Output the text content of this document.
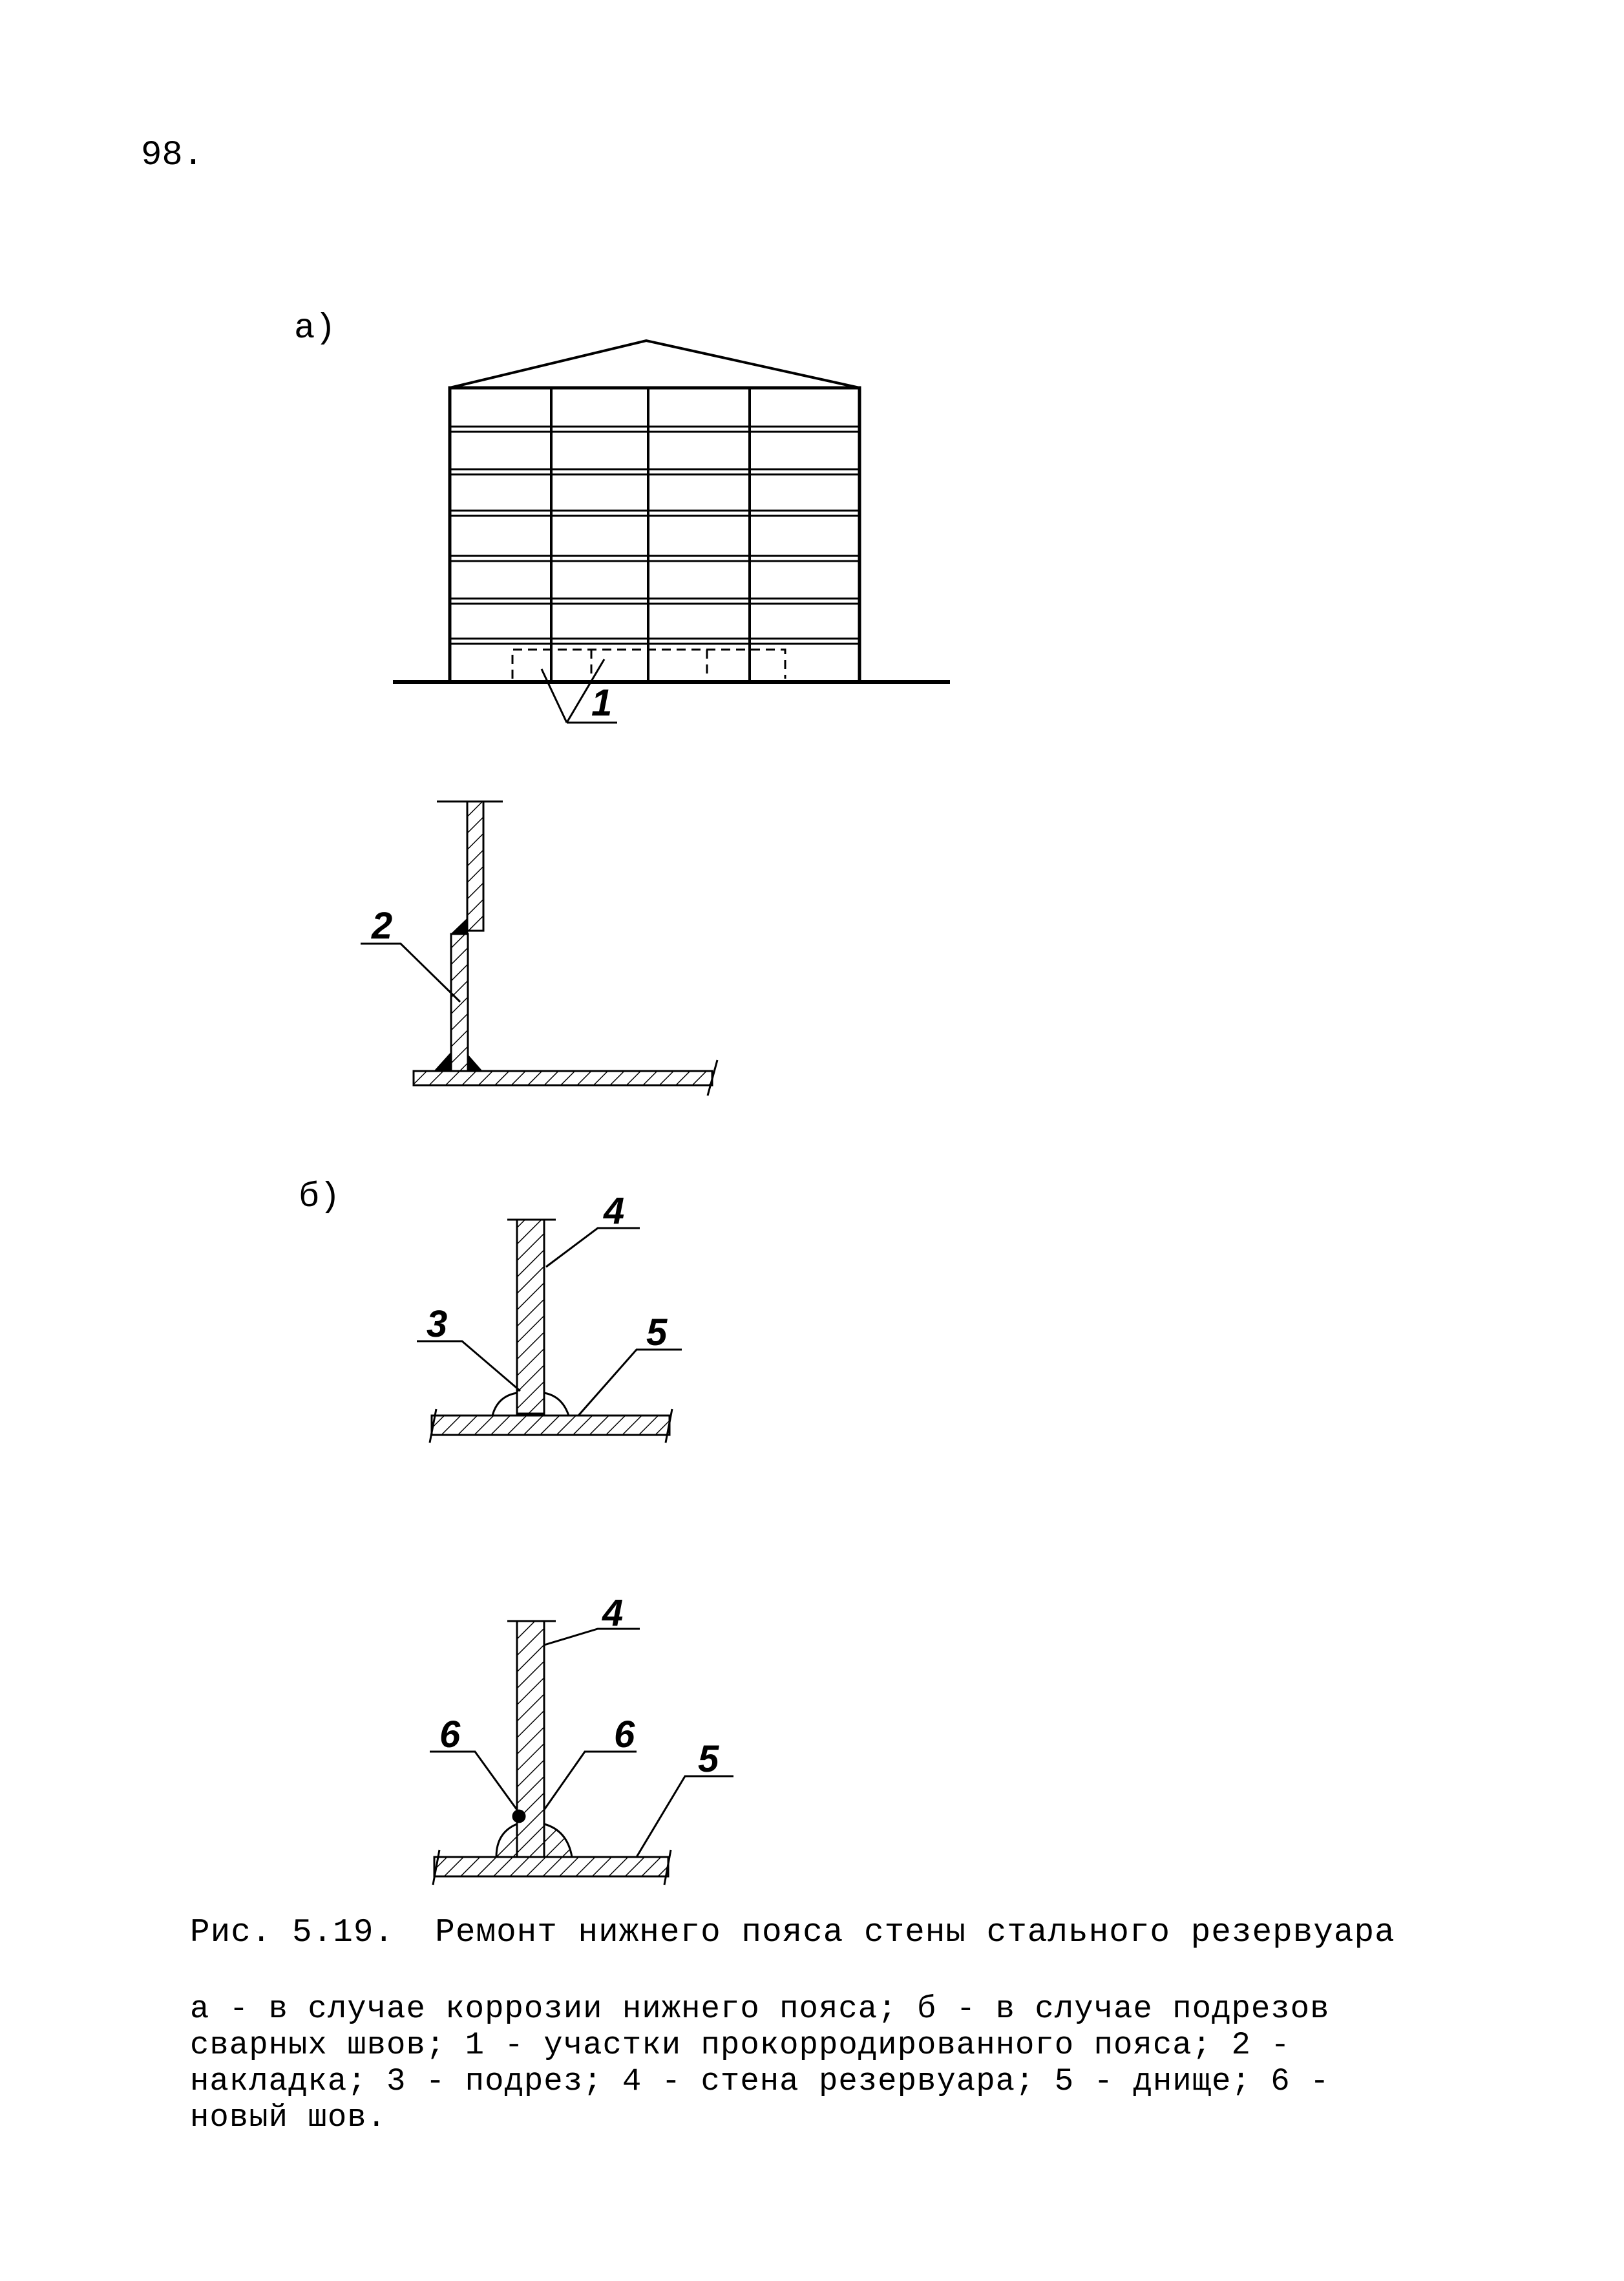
98.
а)
б)
1
2
4
3	5
4
6	6
5
Рис. 5.19.  Ремонт нижнего пояса стены стального резервуара

а - в случае коррозии нижнего пояса; б - в случае подрезов

сварных швов; 1 - участки прокорродированного пояса; 2 -

накладка; 3 - подрез; 4 - стена резервуара; 5 - днище; 6 -

новый шов.
